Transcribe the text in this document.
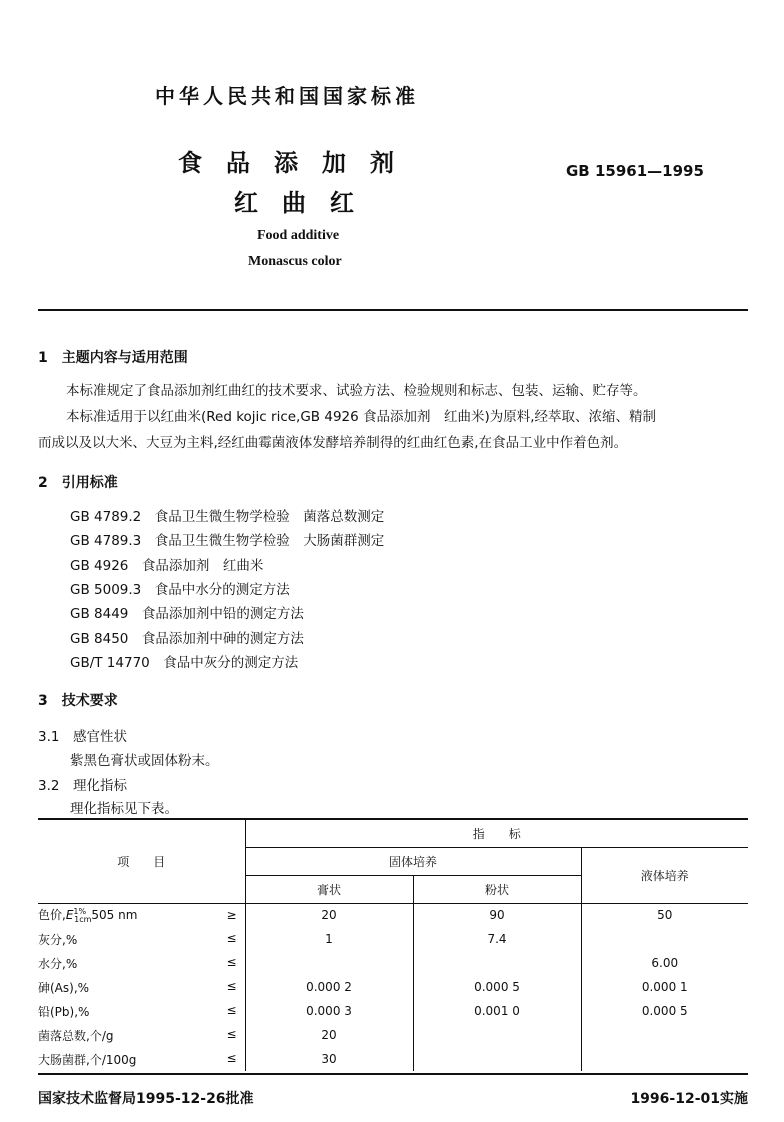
中华人民共和国国家标准
食品添加剂
红曲红
GB 15961—1995
Food additive
Monascus color
1　主题内容与适用范围
本标准规定了食品添加剂红曲红的技术要求、试验方法、检验规则和标志、包装、运输、贮存等。
本标准适用于以红曲米(Red kojic rice,GB 4926 食品添加剂　红曲米)为原料,经萃取、浓缩、精制
而成以及以大米、大豆为主料,经红曲霉菌液体发酵培养制得的红曲红色素,在食品工业中作着色剂。
2　引用标准
GB 4789.2　食品卫生微生物学检验　菌落总数测定
GB 4789.3　食品卫生微生物学检验　大肠菌群测定
GB 4926　食品添加剂　红曲米
GB 5009.3　食品中水分的测定方法
GB 8449　食品添加剂中铅的测定方法
GB 8450　食品添加剂中砷的测定方法
GB/T 14770　食品中灰分的测定方法
3　技术要求
3.1　感官性状
紫黑色膏状或固体粉末。
3.2　理化指标
理化指标见下表。
项　　目	指　　标		
	固体培养		液体培养
	膏状	粉状	
色价$,E^{1\%}_{1cm}505$ nm ≥	20	90	50
灰分,% ≤	1	7.4	
水分,% ≤			6.00
砷(As),% ≤	0.000 2	0.000 5	0.000 1
铅(Pb),% ≤	0.000 3	0.001 0	0.000 5
菌落总数,个/g ≤	20		
大肠菌群,个/100g ≤	30		
国家技术监督局1995-12-26批准	1996-12-01实施
